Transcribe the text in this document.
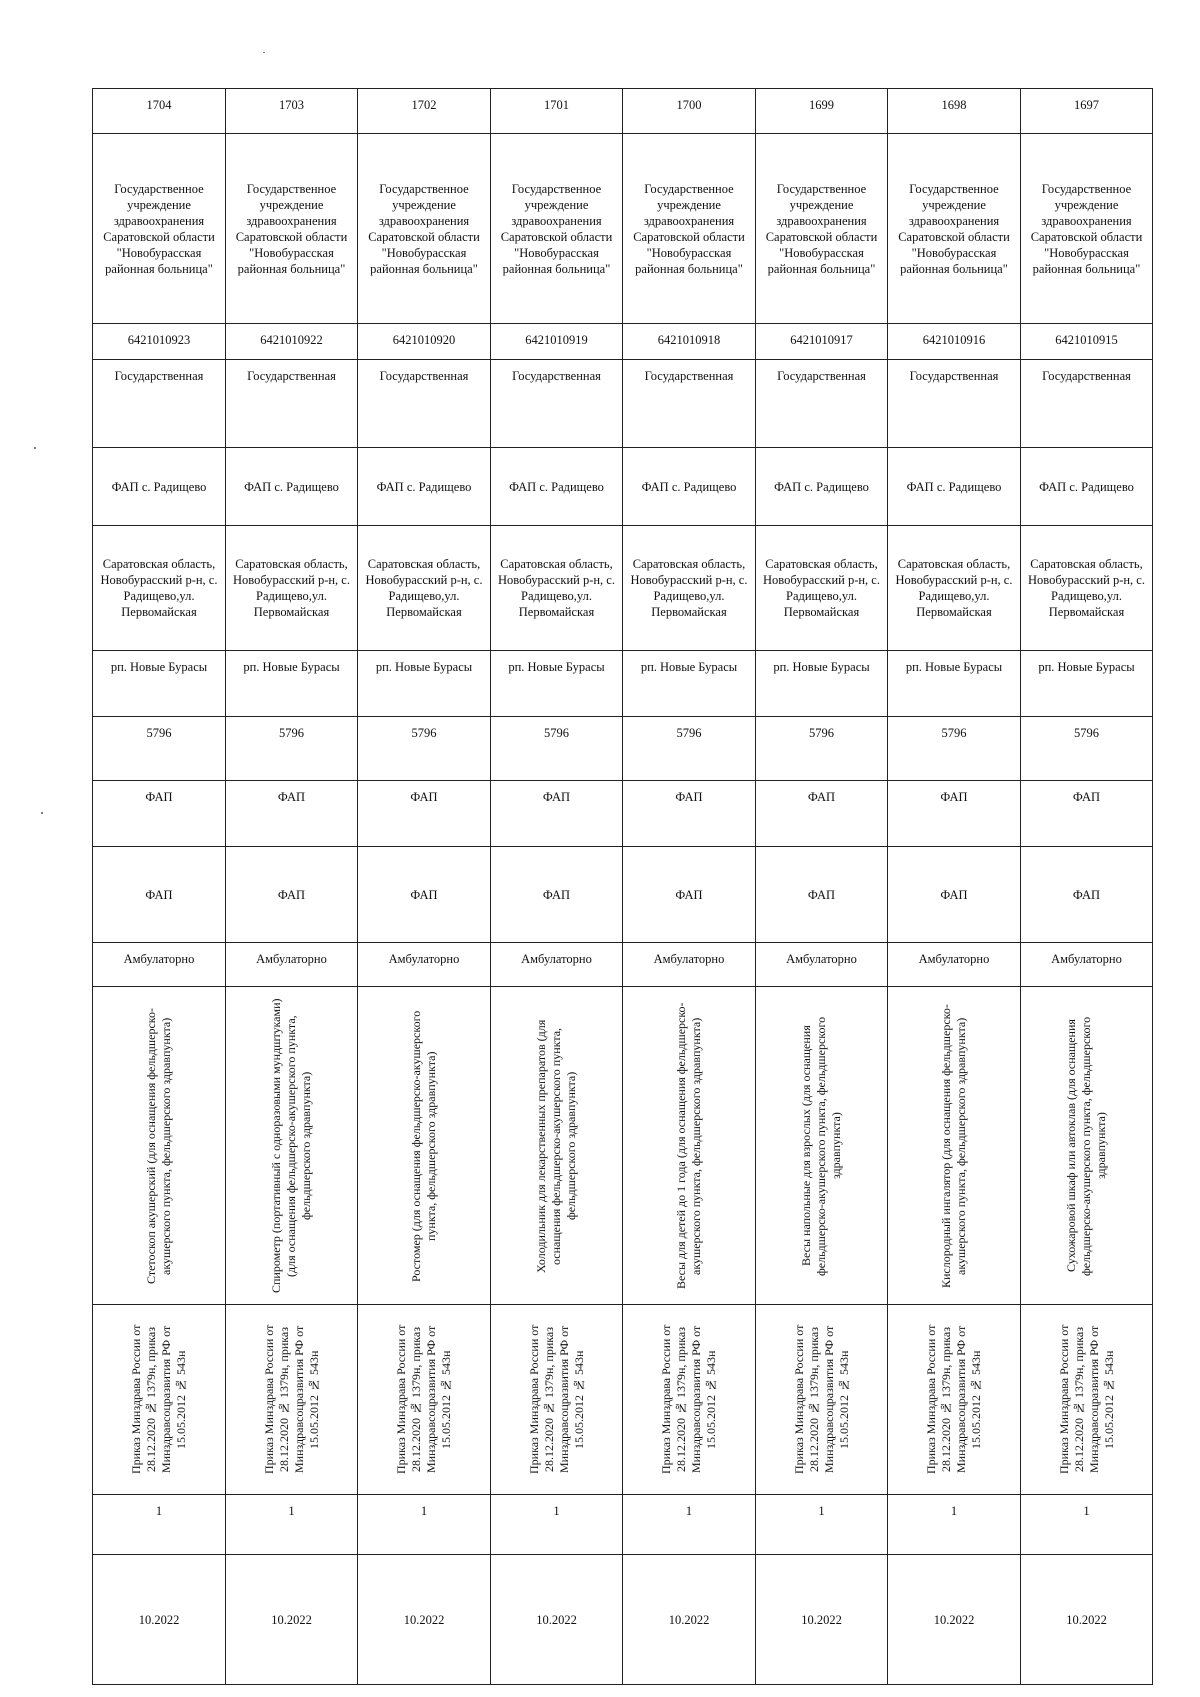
1704	1703	1702	1701	1700	1699	1698	1697
Государственное учреждение здравоохранения Саратовской области "Новобурасская районная больница"	Государственное учреждение здравоохранения Саратовской области "Новобурасская районная больница"	Государственное учреждение здравоохранения Саратовской области "Новобурасская районная больница"	Государственное учреждение здравоохранения Саратовской области "Новобурасская районная больница"	Государственное учреждение здравоохранения Саратовской области "Новобурасская районная больница"	Государственное учреждение здравоохранения Саратовской области "Новобурасская районная больница"	Государственное учреждение здравоохранения Саратовской области "Новобурасская районная больница"	Государственное учреждение здравоохранения Саратовской области "Новобурасская районная больница"
6421010923	6421010922	6421010920	6421010919	6421010918	6421010917	6421010916	6421010915
Государственная	Государственная	Государственная	Государственная	Государственная	Государственная	Государственная	Государственная
ФАП с. Радищево	ФАП с. Радищево	ФАП с. Радищево	ФАП с. Радищево	ФАП с. Радищево	ФАП с. Радищево	ФАП с. Радищево	ФАП с. Радищево
Саратовская область, Новобурасский р-н, с. Радищево,ул. Первомайская	Саратовская область, Новобурасский р-н, с. Радищево,ул. Первомайская	Саратовская область, Новобурасский р-н, с. Радищево,ул. Первомайская	Саратовская область, Новобурасский р-н, с. Радищево,ул. Первомайская	Саратовская область, Новобурасский р-н, с. Радищево,ул. Первомайская	Саратовская область, Новобурасский р-н, с. Радищево,ул. Первомайская	Саратовская область, Новобурасский р-н, с. Радищево,ул. Первомайская	Саратовская область, Новобурасский р-н, с. Радищево,ул. Первомайская
рп. Новые Бурасы	рп. Новые Бурасы	рп. Новые Бурасы	рп. Новые Бурасы	рп. Новые Бурасы	рп. Новые Бурасы	рп. Новые Бурасы	рп. Новые Бурасы
5796	5796	5796	5796	5796	5796	5796	5796
ФАП	ФАП	ФАП	ФАП	ФАП	ФАП	ФАП	ФАП
ФАП	ФАП	ФАП	ФАП	ФАП	ФАП	ФАП	ФАП
Амбулаторно	Амбулаторно	Амбулаторно	Амбулаторно	Амбулаторно	Амбулаторно	Амбулаторно	Амбулаторно

Стетоскоп акушерский (для оснащения фельдшерско-акушерского пункта, фельдшерского здравпункта)	Спирометр (портативный с одноразовыми мундштуками) (для оснащения фельдшерско-акушерского пункта, фельдшерского здравпункта)	Ростомер (для оснащения фельдшерско-акушерского пункта, фельдшерского здравпункта)	Холодильник для лекарственных препаратов (для оснащения фельдшерско-акушерского пункта, фельдшерского здравпункта)	Весы для детей до 1 года (для оснащения фельдшерско-акушерского пункта, фельдшерского здравпункта)	Весы напольные для взрослых (для оснащения фельдшерско-акушерского пункта, фельдшерского здравпункта)	Кислородный ингалятор (для оснащения фельдшерско-акушерского пункта, фельдшерского здравпункта)	Сухожаровой шкаф или автоклав (для оснащения фельдшерско-акушерского пункта, фельдшерского здравпункта)

Приказ Минздрава России от 28.12.2020 № 1379н, приказ Минздравсоцразвития РФ от 15.05.2012 № 543н	Приказ Минздрава России от 28.12.2020 № 1379н, приказ Минздравсоцразвития РФ от 15.05.2012 № 543н	Приказ Минздрава России от 28.12.2020 № 1379н, приказ Минздравсоцразвития РФ от 15.05.2012 № 543н	Приказ Минздрава России от 28.12.2020 № 1379н, приказ Минздравсоцразвития РФ от 15.05.2012 № 543н	Приказ Минздрава России от 28.12.2020 № 1379н, приказ Минздравсоцразвития РФ от 15.05.2012 № 543н	Приказ Минздрава России от 28.12.2020 № 1379н, приказ Минздравсоцразвития РФ от 15.05.2012 № 543н	Приказ Минздрава России от 28.12.2020 № 1379н, приказ Минздравсоцразвития РФ от 15.05.2012 № 543н	Приказ Минздрава России от 28.12.2020 № 1379н, приказ Минздравсоцразвития РФ от 15.05.2012 № 543н

1	1	1	1	1	1	1	1
10.2022	10.2022	10.2022	10.2022	10.2022	10.2022	10.2022	10.2022
